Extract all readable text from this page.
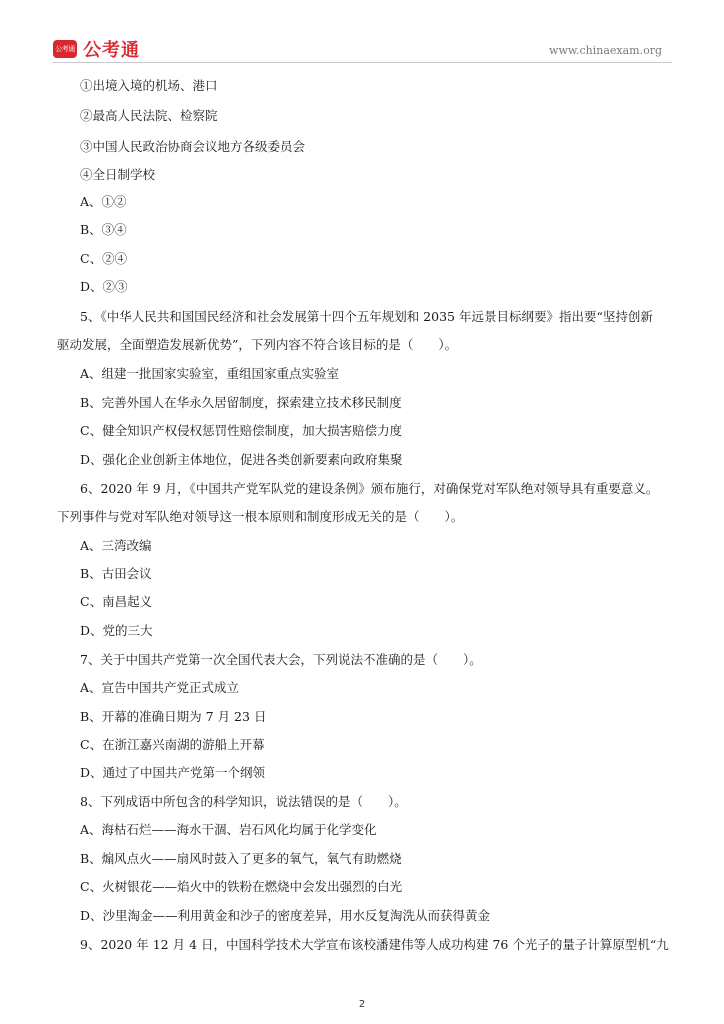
公考通 公考通	www.chinaexam.org
①出境入境的机场、港口
②最高人民法院、检察院
③中国人民政治协商会议地方各级委员会
④全日制学校
A、①②
B、③④
C、②④
D、②③
5、《中华人民共和国国民经济和社会发展第十四个五年规划和 2035 年远景目标纲要》指出要“坚持创新
驱动发展，全面塑造发展新优势”，下列内容不符合该目标的是（　　）。
A、组建一批国家实验室，重组国家重点实验室
B、完善外国人在华永久居留制度，探索建立技术移民制度
C、健全知识产权侵权惩罚性赔偿制度，加大损害赔偿力度
D、强化企业创新主体地位，促进各类创新要素向政府集聚
6、2020 年 9 月，《中国共产党军队党的建设条例》颁布施行，对确保党对军队绝对领导具有重要意义。
下列事件与党对军队绝对领导这一根本原则和制度形成无关的是（　　）。
A、三湾改编
B、古田会议
C、南昌起义
D、党的三大
7、关于中国共产党第一次全国代表大会，下列说法不准确的是（　　）。
A、宣告中国共产党正式成立
B、开幕的准确日期为 7 月 23 日
C、在浙江嘉兴南湖的游船上开幕
D、通过了中国共产党第一个纲领
8、下列成语中所包含的科学知识，说法错误的是（　　）。
A、海枯石烂——海水干涸、岩石风化均属于化学变化
B、煽风点火——扇风时鼓入了更多的氧气，氧气有助燃烧
C、火树银花——焰火中的铁粉在燃烧中会发出强烈的白光
D、沙里淘金——利用黄金和沙子的密度差异，用水反复淘洗从而获得黄金
9、2020 年 12 月 4 日，中国科学技术大学宣布该校潘建伟等人成功构建 76 个光子的量子计算原型机“九
2
